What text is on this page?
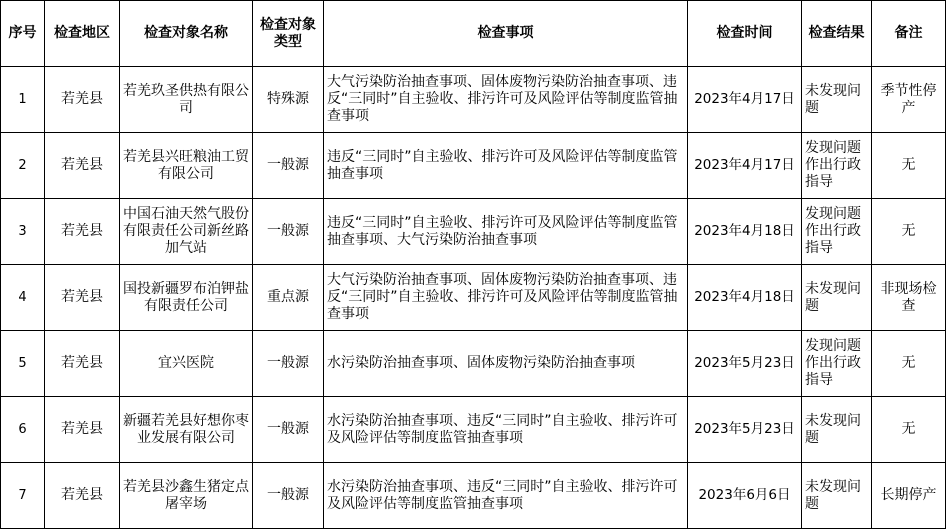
序号	检查地区	检查对象名称	检查对象类型	检查事项	检查时间	检查结果	备注
1	若羌县	若羌玖圣供热有限公司	特殊源	大气污染防治抽查事项、固体废物污染防治抽查事项、违反“三同时”自主验收、排污许可及风险评估等制度监管抽查事项	2023年4月17日	未发现问题	季节性停产
2	若羌县	若羌县兴旺粮油工贸有限公司	一般源	违反“三同时”自主验收、排污许可及风险评估等制度监管抽查事项	2023年4月17日	发现问题作出行政指导	无
3	若羌县	中国石油天然气股份有限责任公司新丝路加气站	一般源	违反“三同时”自主验收、排污许可及风险评估等制度监管抽查事项、大气污染防治抽查事项	2023年4月18日	发现问题作出行政指导	无
4	若羌县	国投新疆罗布泊钾盐有限责任公司	重点源	大气污染防治抽查事项、固体废物污染防治抽查事项、违反“三同时”自主验收、排污许可及风险评估等制度监管抽查事项	2023年4月18日	未发现问题	非现场检查
5	若羌县	宜兴医院	一般源	水污染防治抽查事项、固体废物污染防治抽查事项	2023年5月23日	发现问题作出行政指导	无
6	若羌县	新疆若羌县好想你枣业发展有限公司	一般源	水污染防治抽查事项、违反“三同时”自主验收、排污许可及风险评估等制度监管抽查事项	2023年5月23日	未发现问题	无
7	若羌县	若羌县沙鑫生猪定点屠宰场	一般源	水污染防治抽查事项、违反“三同时”自主验收、排污许可及风险评估等制度监管抽查事项	2023年6月6日	未发现问题	长期停产
